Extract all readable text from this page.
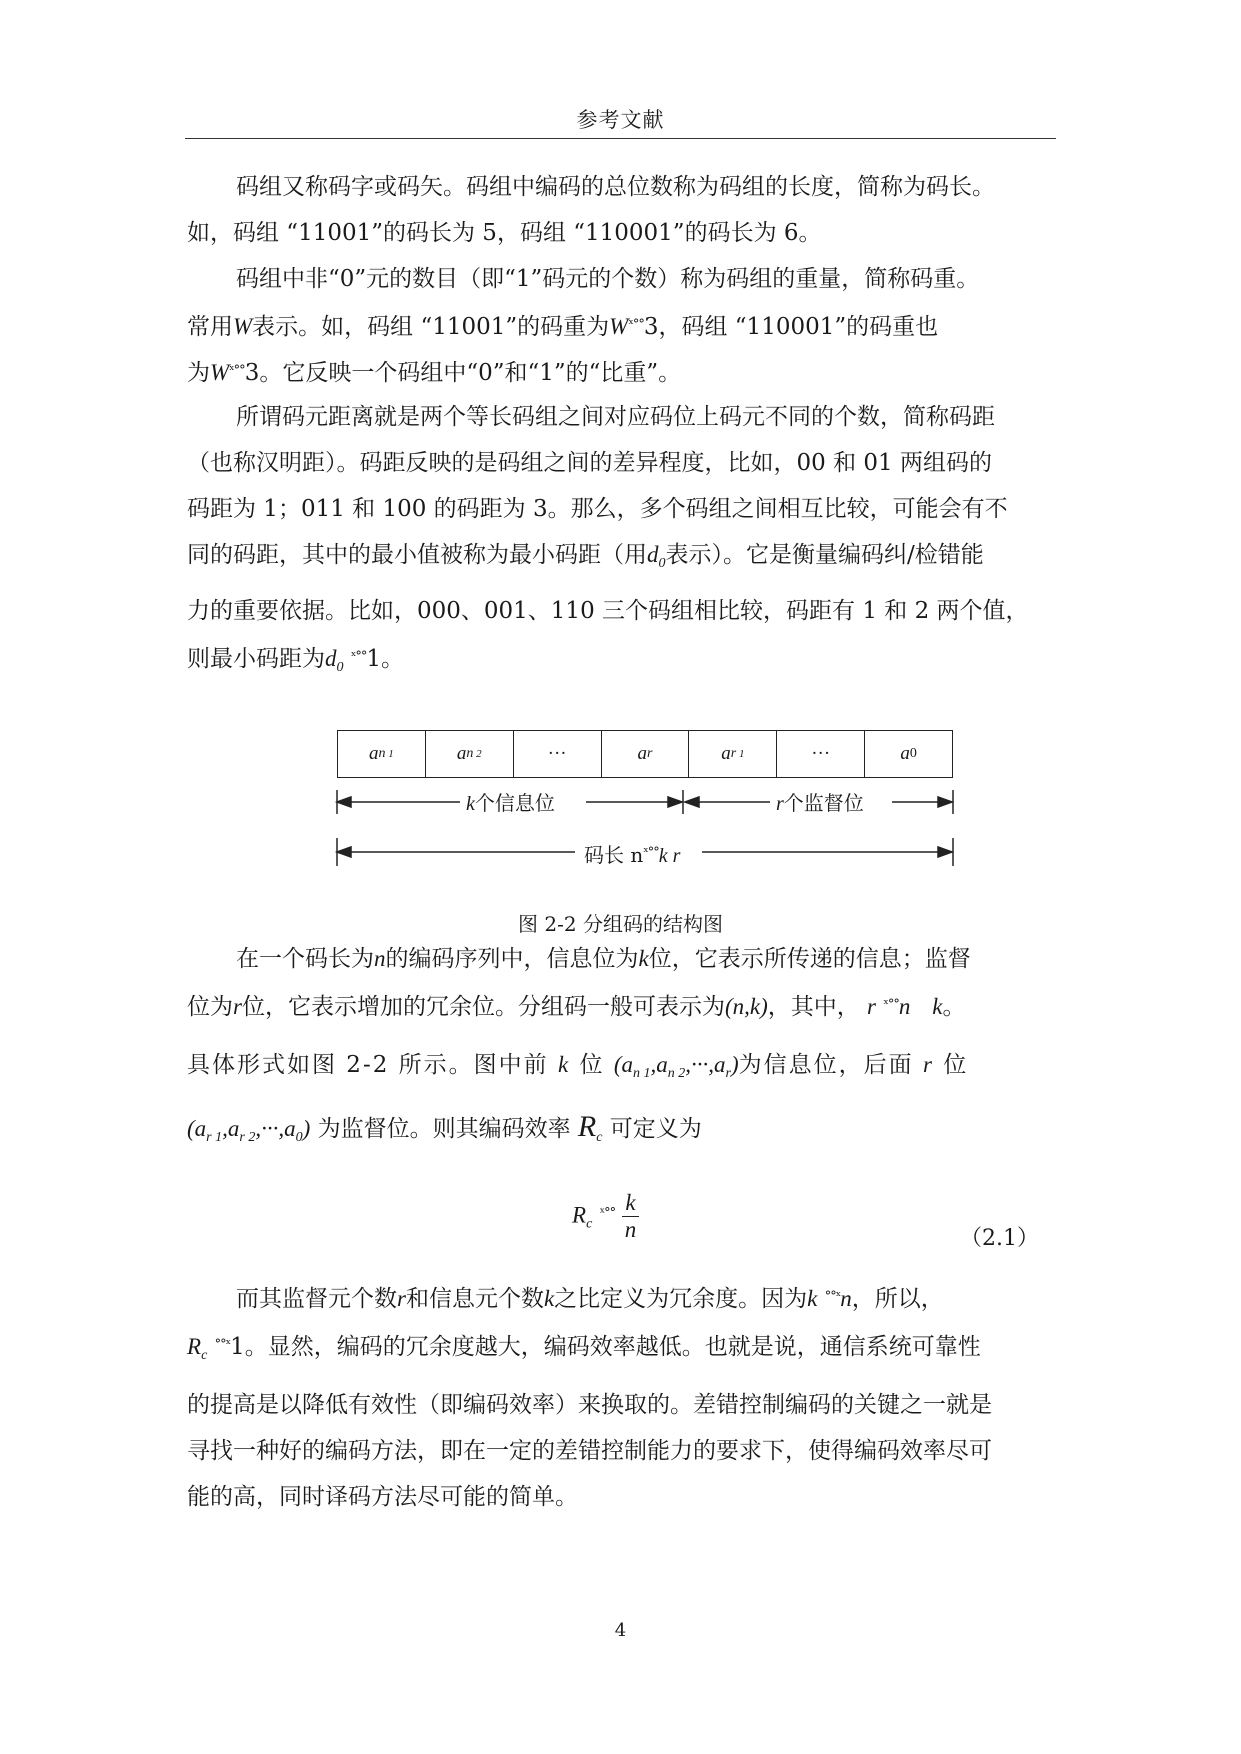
参考文献
码组又称码字或码矢。码组中编码的总位数称为码组的长度，简称为码长。
如，码组 “11001”的码长为 5，码组 “110001”的码长为 6。
码组中非“0”元的数目（即“1”码元的个数）称为码组的重量，简称码重。
常用W表示。如，码组 “11001”的码重为$W^{ˣ^\circ^\circ}3$，码组 “110001”的码重也
为$W^{ˣ^\circ^\circ}3$。它反映一个码组中“0”和“1”的“比重”。
所谓码元距离就是两个等长码组之间对应码位上码元不同的个数，简称码距
（也称汉明距）。码距反映的是码组之间的差异程度，比如，00 和 01 两组码的
码距为 1；011 和 100 的码距为 3。那么，多个码组之间相互比较，可能会有不
同的码距，其中的最小值被称为最小码距（用$d_0$表示）。它是衡量编码纠/检错能
力的重要依据。比如，000、001、110 三个码组相比较，码距有 1 和 2 两个值，
则最小码距为$d_0$ $^{ˣ^\circ^\circ}$1。
a n 1	a n 2	···	a r	a r 1	···	a 0
k个信息位	r个监督位
码长 $n^{ˣ^\circ^\circ}k$ r
图 2-2 分组码的结构图
在一个码长为n的编码序列中，信息位为k位，它表示所传递的信息；监督
位为r位，它表示增加的冗余位。分组码一般可表示为(n,k)，其中， r $^{ˣ^\circ^\circ}$n k。
具体形式如图 2-2 所示。图中前 k 位 $(a_{n 1},a_{n 2},\cdot\cdot\cdot,a_r)$为信息位，后面 r 位
$(a_{r 1},a_{r 2},\cdot\cdot\cdot,a_0)$ 为监督位。则其编码效率 $R_c$ 可定义为
$R_c$ $^{ˣ^\circ^\circ} \frac{k}{n}$	（2.1）
而其监督元个数r和信息元个数k之比定义为冗余度。因为k $^{^\circ^\circ ˣ}$n，所以，
$R_c$ $^{^\circ^\circ ˣ}$1。显然，编码的冗余度越大，编码效率越低。也就是说，通信系统可靠性
的提高是以降低有效性（即编码效率）来换取的。差错控制编码的关键之一就是
寻找一种好的编码方法，即在一定的差错控制能力的要求下，使得编码效率尽可
能的高，同时译码方法尽可能的简单。
4
